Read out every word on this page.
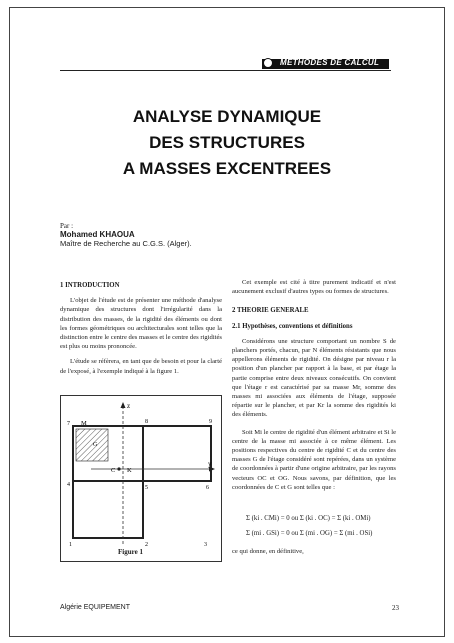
METHODES DE CALCUL
ANALYSE DYNAMIQUE
DES STRUCTURES
A MASSES EXCENTREES
Par :
Mohamed KHAOUA
Maître de Recherche au C.G.S. (Alger).
1 INTRODUCTION

L'objet de l'étude est de présenter une méthode d'analyse dynamique des structures dont l'irrégularité dans la distribution des masses, de la rigidité des éléments ou dont les formes géométriques ou architecturales sont telles que la distinction entre le centre des masses et le centre des rigidités est plus ou moins prononcée.

L'étude se réfèrera, en tant que de besoin et pour la clarté de l'exposé, à l'exemple indiqué à la figure 1.

z
y
M
C K
G
7	8	9
4	5	6
1	2	3
Figure 1

Cet exemple est cité à titre purement indicatif et n'est aucunement exclusif d'autres types ou formes de structures.

2 THEORIE GENERALE
2.1 Hypothèses, conventions et définitions

Considérons une structure comportant un nombre S de planchers portés, chacun, par N éléments résistants que nous appellerons éléments de rigidité. On désigne par niveau r la position d'un plancher par rapport à la base, et par étage la partie comprise entre deux niveaux consécutifs. On convient que l'étage r est caractérisé par sa masse Mr, somme des masses mi associées aux éléments de l'étage, supposée répartie sur le plancher, et par Kr la somme des rigidités ki des éléments.

Soit Mi le centre de rigidité d'un élément arbitraire et Si le centre de la masse mi associée à ce même élément. Les positions respectives du centre de rigidité C et du centre des masses G de l'étage considéré sont repérées, dans un système de coordonnées à partir d'une origine arbitraire, par les rayons vecteurs OC et OG. Nous savons, par définition, que les coordonnées de C et G sont telles que :

Σ (ki . CMi) = 0 ou Σ (ki . OC) = Σ (ki . OMi)
Σ (mi . GSi) = 0 ou Σ (mi . OG) = Σ (mi . OSi)
ce qui donne, en définitive,
Algérie EQUIPEMENT	23
